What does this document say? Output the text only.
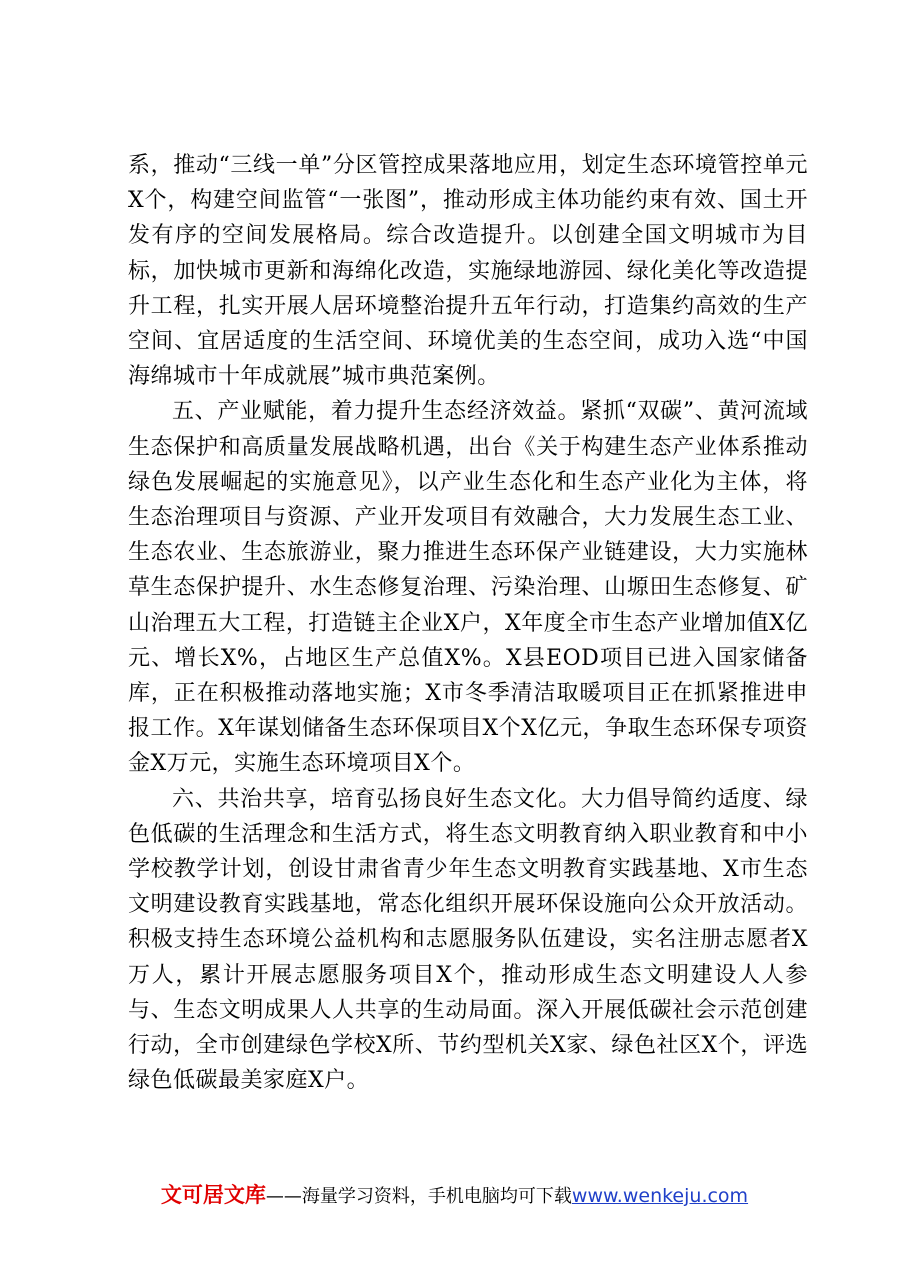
系，推动“三线一单”分区管控成果落地应用，划定生态环境管控单元X个，构建空间监管“一张图”，推动形成主体功能约束有效、国土开发有序的空间发展格局。综合改造提升。以创建全国文明城市为目标，加快城市更新和海绵化改造，实施绿地游园、绿化美化等改造提升工程，扎实开展人居环境整治提升五年行动，打造集约高效的生产空间、宜居适度的生活空间、环境优美的生态空间，成功入选“中国海绵城市十年成就展”城市典范案例。

五、产业赋能，着力提升生态经济效益。紧抓“双碳”、黄河流域生态保护和高质量发展战略机遇，出台《关于构建生态产业体系推动绿色发展崛起的实施意见》，以产业生态化和生态产业化为主体，将生态治理项目与资源、产业开发项目有效融合，大力发展生态工业、生态农业、生态旅游业，聚力推进生态环保产业链建设，大力实施林草生态保护提升、水生态修复治理、污染治理、山塬田生态修复、矿山治理五大工程，打造链主企业X户，X年度全市生态产业增加值X亿元、增长X%，占地区生产总值X%。X县EOD项目已进入国家储备库，正在积极推动落地实施；X市冬季清洁取暖项目正在抓紧推进申报工作。X年谋划储备生态环保项目X个X亿元，争取生态环保专项资金X万元，实施生态环境项目X个。

六、共治共享，培育弘扬良好生态文化。大力倡导简约适度、绿色低碳的生活理念和生活方式，将生态文明教育纳入职业教育和中小学校教学计划，创设甘肃省青少年生态文明教育实践基地、X市生态文明建设教育实践基地，常态化组织开展环保设施向公众开放活动。积极支持生态环境公益机构和志愿服务队伍建设，实名注册志愿者X万人，累计开展志愿服务项目X个，推动形成生态文明建设人人参与、生态文明成果人人共享的生动局面。深入开展低碳社会示范创建行动，全市创建绿色学校X所、节约型机关X家、绿色社区X个，评选绿色低碳最美家庭X户。

文可居文库——海量学习资料，手机电脑均可下载www.wenkeju.com
